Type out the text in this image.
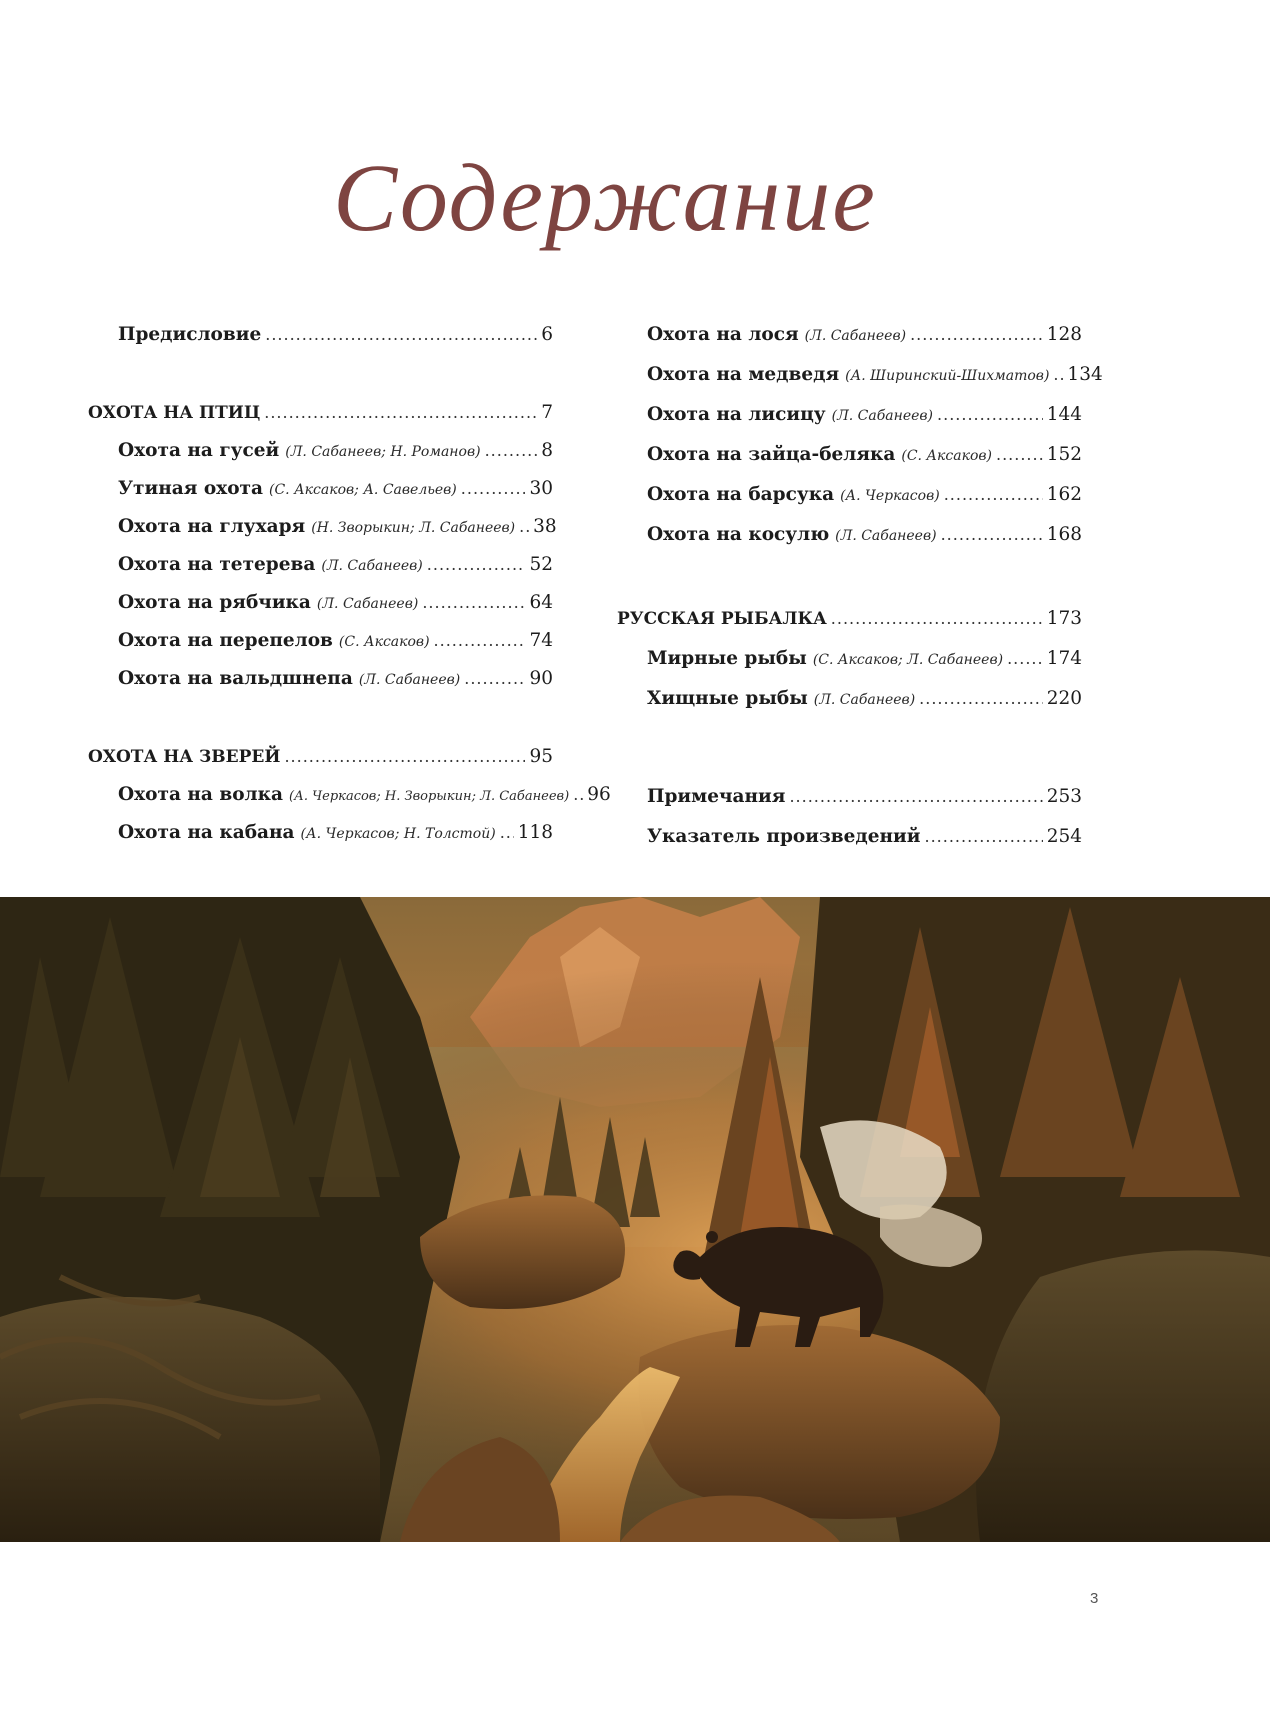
Содержание
Предисловие .....	6
ОХОТА НА ПТИЦ .....	7
Охота на гусей (Л. Сабанеев; Н. Романов) .....	8
Утиная охота (С. Аксаков; А. Савельев) .....	30
Охота на глухаря (Н. Зворыкин; Л. Сабанеев) ..... 38
Охота на тетерева (Л. Сабанеев) .....	52
Охота на рябчика (Л. Сабанеев) .....	64
Охота на перепелов (С. Аксаков) .....	74
Охота на вальдшнепа (Л. Сабанеев) .....	90
ОХОТА НА ЗВЕРЕЙ .....	95
Охота на волка (А. Черкасов; Н. Зворыкин; Л. Сабанеев) ..... 96
Охота на кабана (А. Черкасов; Н. Толстой) ..... 118
Охота на лося (Л. Сабанеев) .....	128
Охота на медведя (А. Ширинский-Шихматов) ..... 134
Охота на лисицу (Л. Сабанеев) .....	144
Охота на зайца-беляка (С. Аксаков) .....	152
Охота на барсука (А. Черкасов) .....	162
Охота на косулю (Л. Сабанеев) .....	168
РУССКАЯ РЫБАЛКА .....	173
Мирные рыбы (С. Аксаков; Л. Сабанеев) ..... 174
Хищные рыбы (Л. Сабанеев) .....	220
Примечания .....	253
Указатель произведений .....	254
3
